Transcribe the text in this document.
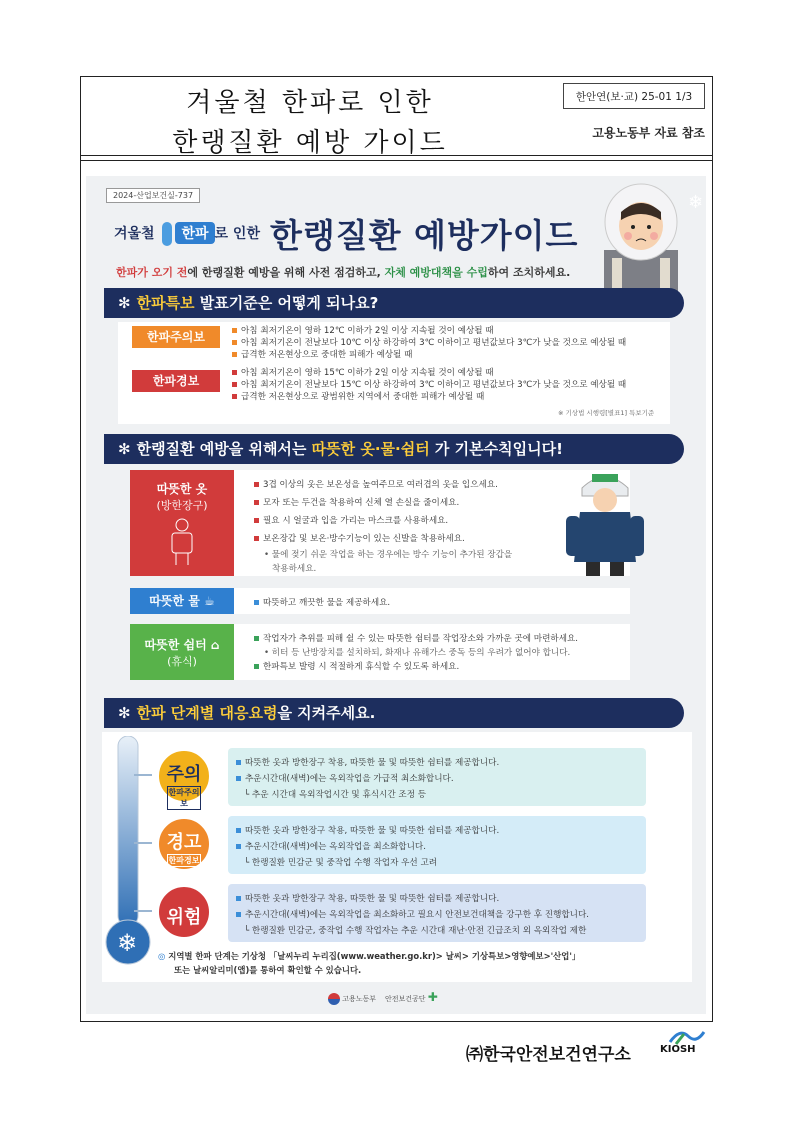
겨울철 한파로 인한
한랭질환 예방 가이드
한안연(보·교) 25-01 1/3
고용노동부 자료 참조
2024-산업보건실-737
겨울철 한파 로 인한 한랭질환 예방가이드
한파가 오기 전에 한랭질환 예방을 위해 사전 점검하고, 자체 예방대책을 수립하여 조치하세요.
❄
✻ 한파특보 발표기준은 어떻게 되나요?
한파주의보	아침 최저기온이 영하 12℃ 이하가 2일 이상 지속될 것이 예상될 때
아침 최저기온이 전날보다 10℃ 이상 하강하여 3℃ 이하이고 평년값보다 3℃가 낮을 것으로 예상될 때
급격한 저온현상으로 중대한 피해가 예상될 때
한파경보
아침 최저기온이 영하 15℃ 이하가 2일 이상 지속될 것이 예상될 때
아침 최저기온이 전날보다 15℃ 이상 하강하여 3℃ 이하이고 평년값보다 3℃가 낮을 것으로 예상될 때
급격한 저온현상으로 광범위한 지역에서 중대한 피해가 예상될 때
※ 기상법 시행령[별표1] 특보기준
✻ 한랭질환 예방을 위해서는 따뜻한 옷·물·쉼터 가 기본수칙입니다!
따뜻한 옷
(방한장구)
3겹 이상의 옷은 보온성을 높여주므로 여러겹의 옷을 입으세요.
모자 또는 두건을 착용하여 신체 열 손실을 줄이세요.
필요 시 얼굴과 입을 가리는 마스크를 사용하세요.
보온장갑 및 보온·방수기능이 있는 신발을 착용하세요.
• 물에 젖기 쉬운 작업을 하는 경우에는 방수 기능이 추가된 장갑을
착용하세요.
따뜻한 물 ☕	따뜻하고 깨끗한 물을 제공하세요.
따뜻한 쉼터 ⌂
(휴식)
작업자가 추위를 피해 쉴 수 있는 따뜻한 쉼터를 작업장소와 가까운 곳에 마련하세요.
• 히터 등 난방장치를 설치하되, 화재나 유해가스 중독 등의 우려가 없어야 합니다.
한파특보 발령 시 적절하게 휴식할 수 있도록 하세요.
✻ 한파 단계별 대응요령을 지켜주세요.
❄
따뜻한 옷과 방한장구 착용, 따뜻한 물 및 따뜻한 쉼터를 제공합니다.
추운시간대(새벽)에는 옥외작업을 가급적 최소화합니다.
└ 추운 시간대 옥외작업시간 및 휴식시간 조정 등
주의
한파주의보
따뜻한 옷과 방한장구 착용, 따뜻한 물 및 따뜻한 쉼터를 제공합니다.
추운시간대(새벽)에는 옥외작업을 최소화합니다.
└ 한랭질환 민감군 및 중작업 수행 작업자 우선 고려
경고
한파경보
따뜻한 옷과 방한장구 착용, 따뜻한 물 및 따뜻한 쉼터를 제공합니다.
추운시간대(새벽)에는 옥외작업을 최소화하고 필요시 안전보건대책을 강구한 후 진행합니다.
└ 한랭질환 민감군, 중작업 수행 작업자는 추운 시간대 재난·안전 긴급조치 외 옥외작업 제한
위험
◎ 지역별 한파 단계는 기상청 「날씨누리 누리집(www.weather.go.kr)> 날씨> 기상특보>영향예보>'산업'」
또는 날씨알리미(앱)를 통하여 확인할 수 있습니다.
고용노동부 안전보건공단 ✚
㈜한국안전보건연구소	KIOSH
